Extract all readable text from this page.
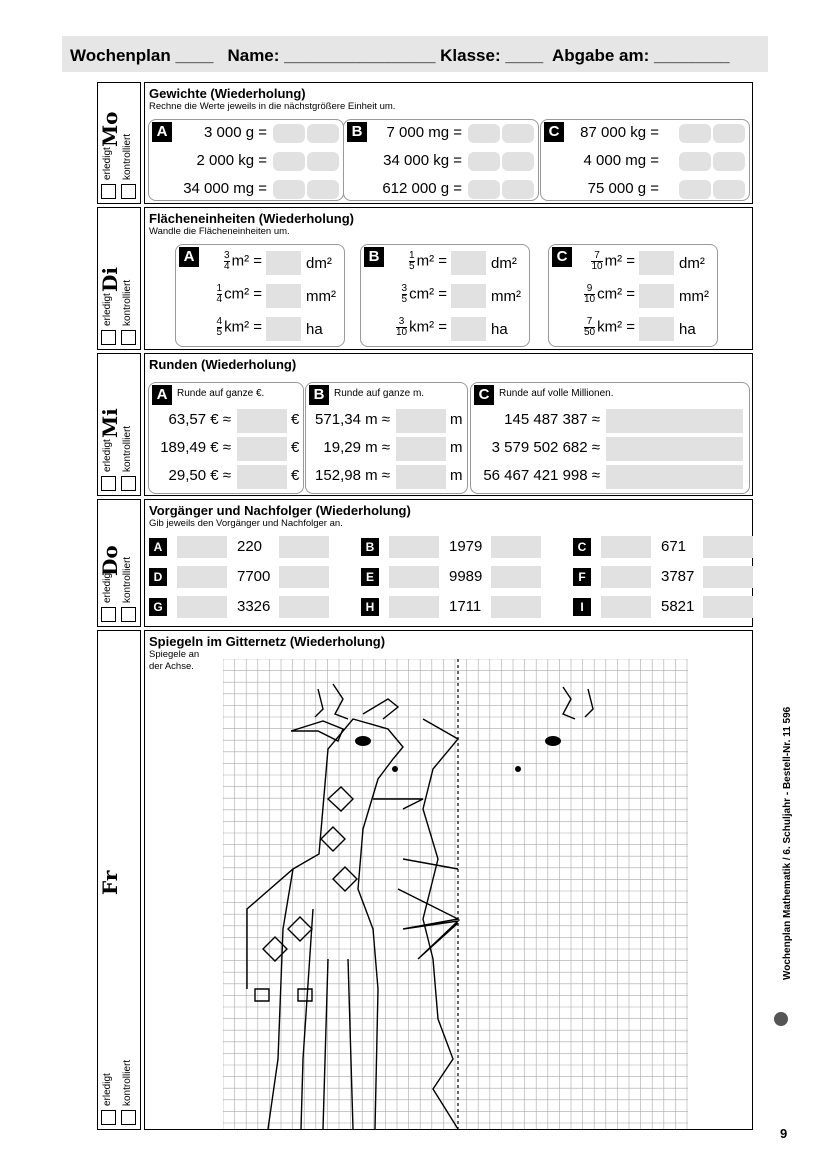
Wochenplan ____   Name: ________________ Klasse: ____  Abgabe am: ________
Mo
Di
Mi
Do
Fr
erledigt kontrolliert
erledigt kontrolliert
erledigt kontrolliert
erledigt kontrolliert
erledigt kontrolliert
Gewichte (Wiederholung)
Rechne die Werte jeweils in die nächstgrößere Einheit um.
A	3 000 g =
2 000 kg =
34 000 mg =
B	7 000 mg =
34 000 kg =
612 000 g =
C	87 000 kg =
4 000 mg =
75 000 g =
Flächeneinheiten (Wiederholung)
Wandle die Flächeneinheiten um.
A	$\frac{3}{4} m^2$ =	dm²
$\frac{1}{4} cm^2$ =	mm²
$\frac{4}{5} km^2$ =	ha
B	$\frac{1}{5} m^2$ =	dm²
$\frac{3}{5} cm^2$ =	mm²
$\frac{3}{10} km^2$ =	ha
C	$\frac{7}{10} m^2$ =	dm²
$\frac{9}{10} cm^2$ =	mm²
$\frac{7}{50} km^2$ =	ha
Runden (Wiederholung)
A Runde auf ganze €.
63,57 € ≈	€
189,49 € ≈	€
29,50 € ≈	€
B Runde auf ganze m.
571,34 m ≈	m
19,29 m ≈	m
152,98 m ≈	m
C Runde auf volle Millionen.
145 487 387 ≈
3 579 502 682 ≈
56 467 421 998 ≈
Vorgänger und Nachfolger (Wiederholung)
Gib jeweils den Vorgänger und Nachfolger an.
A	220	B	1979	C	671
D	7700	E	9989	F	3787
G	3326	H	1711	I	5821
Spiegeln im Gitternetz (Wiederholung)
Spiegele an
der Achse.
Wochenplan Mathematik / 6. Schuljahr - Bestell-Nr. 11 596
9
